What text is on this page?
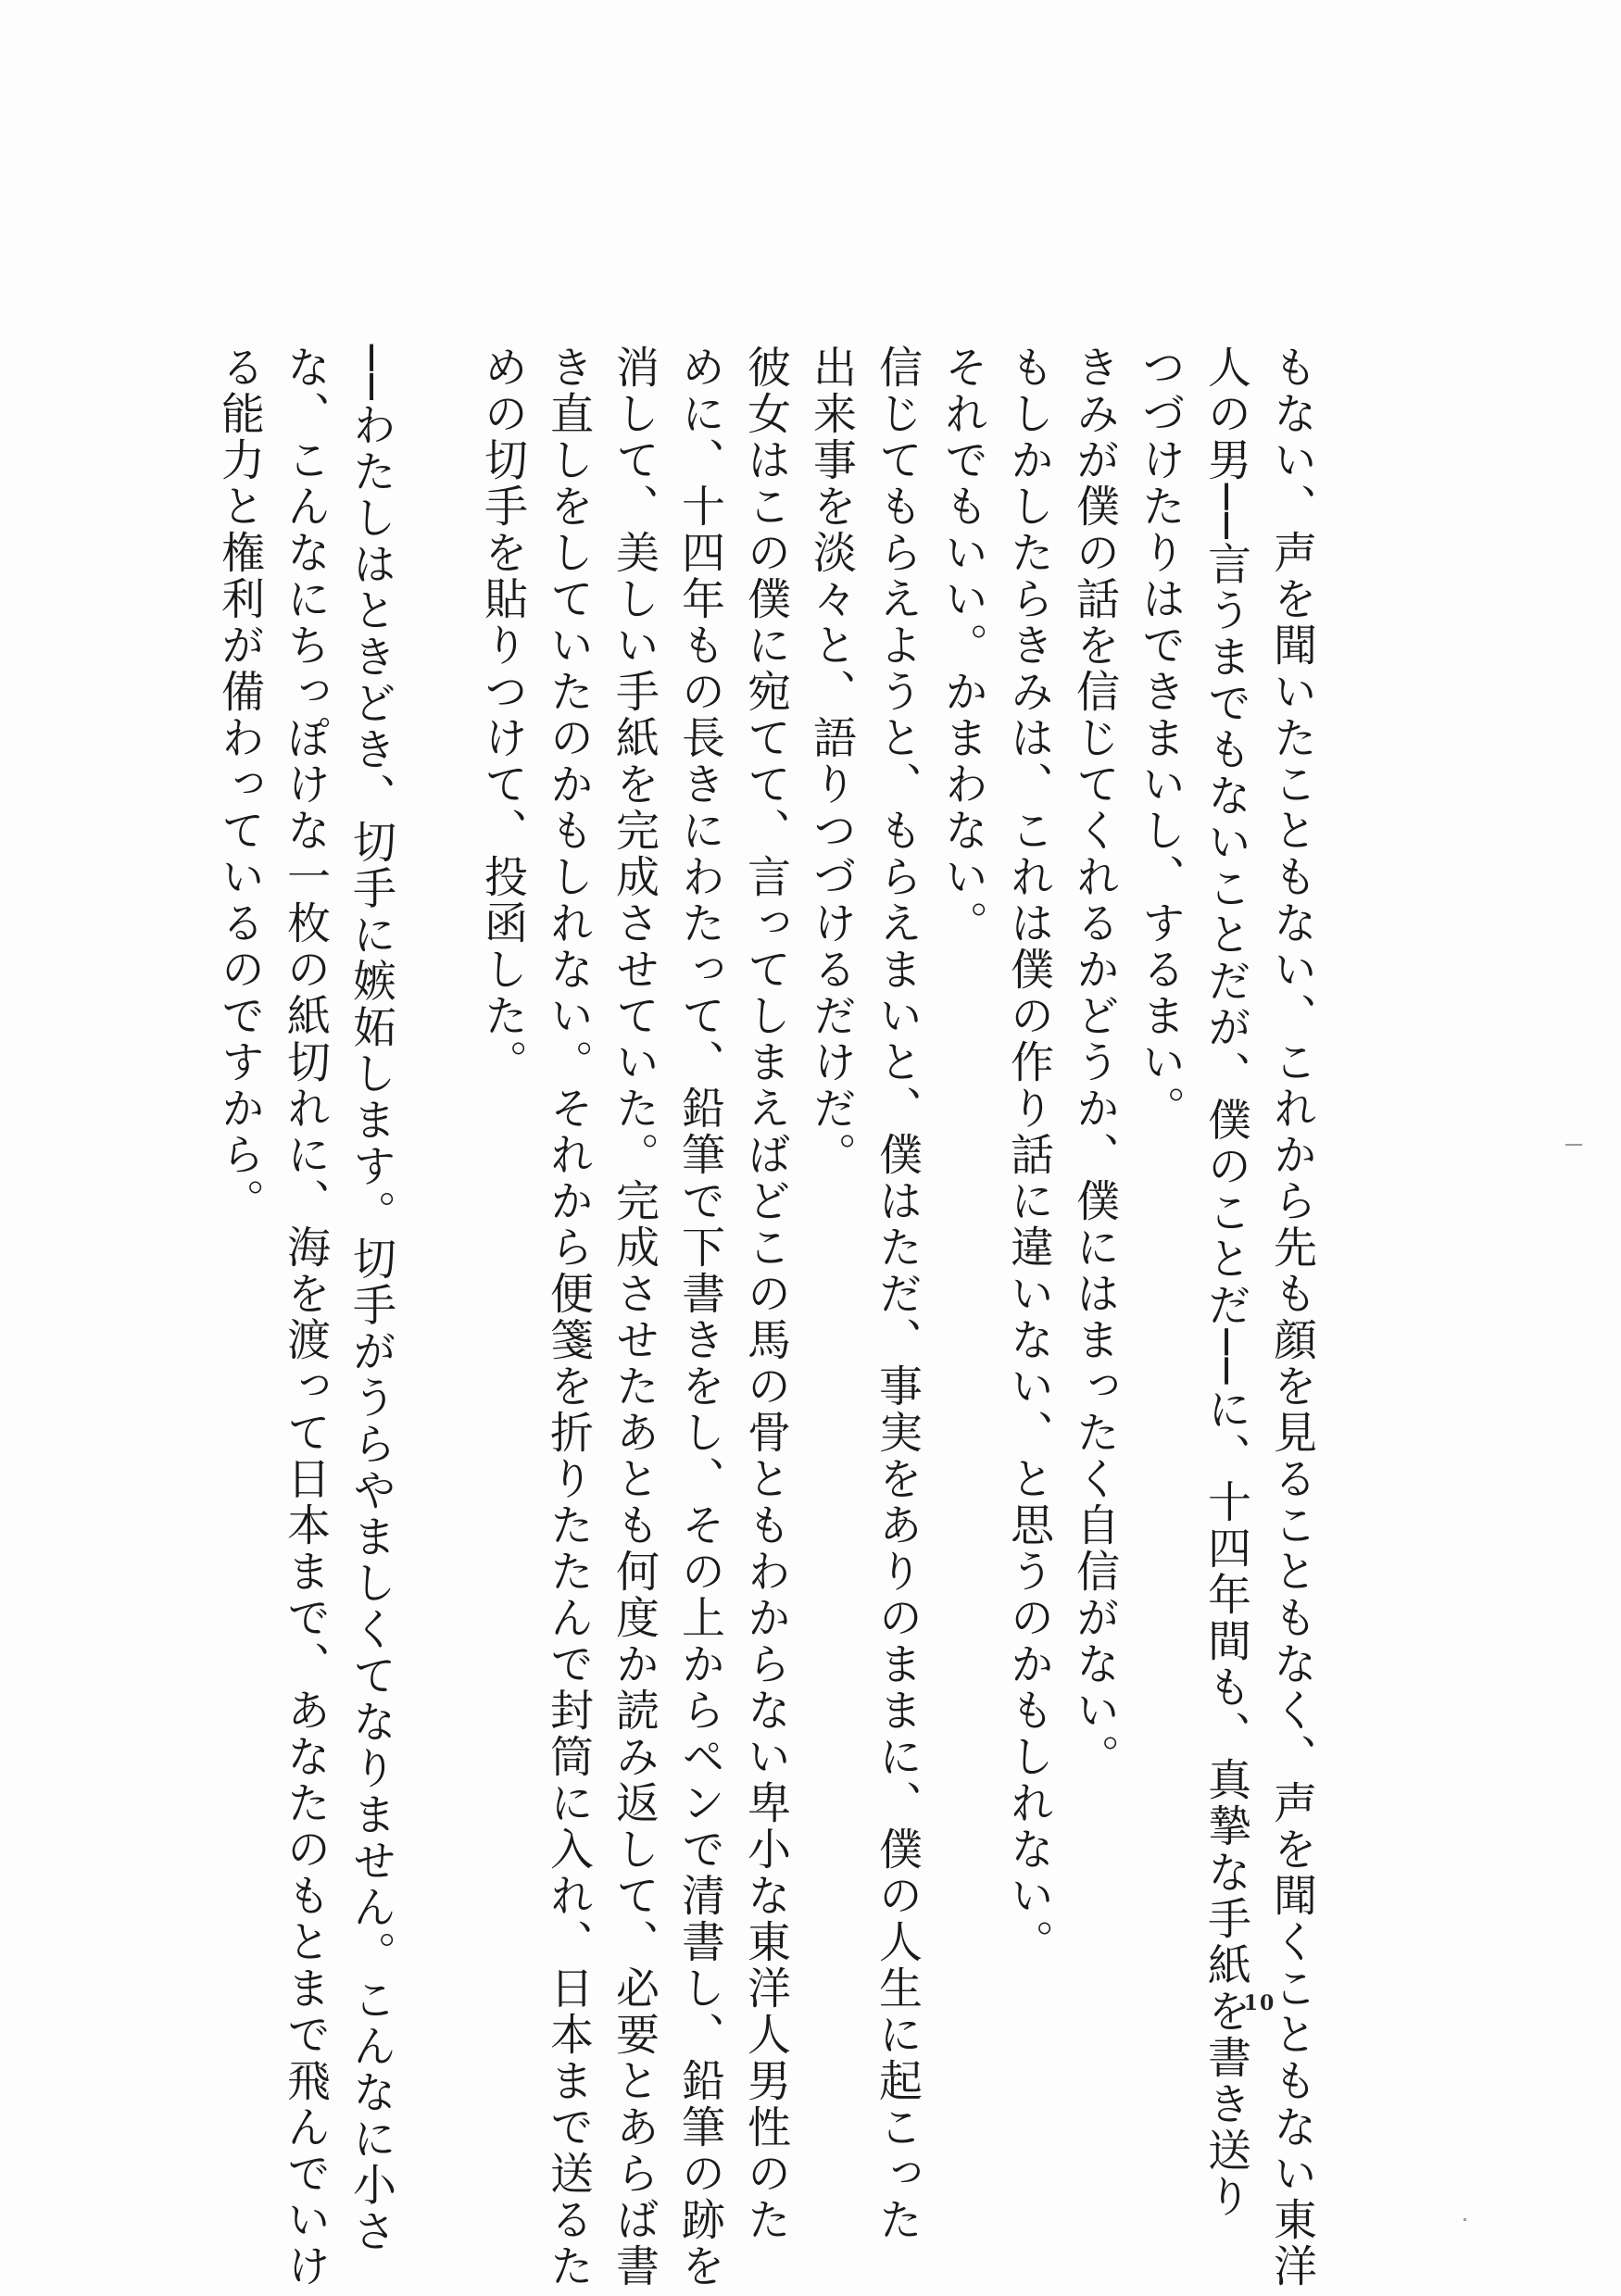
もない、声を聞いたこともない、これから先も顔を見ることもなく、声を聞くこともない東洋
人の男──言うまでもないことだが、僕のことだ──に、十四年間も、真摯な手紙を書き送り
つづけたりはできまいし、するまい。
きみが僕の話を信じてくれるかどうか、僕にはまったく自信がない。
もしかしたらきみは、これは僕の作り話に違いない、と思うのかもしれない。
それでもいい。かまわない。
信じてもらえようと、もらえまいと、僕はただ、事実をありのままに、僕の人生に起こった
出来事を淡々と、語りつづけるだけだ。
彼女はこの僕に宛てて、言ってしまえばどこの馬の骨ともわからない卑小な東洋人男性のた
めに、十四年もの長きにわたって、鉛筆で下書きをし、その上からペンで清書し、鉛筆の跡を
消して、美しい手紙を完成させていた。完成させたあとも何度か読み返して、必要とあらば書
き直しをしていたのかもしれない。それから便箋を折りたたんで封筒に入れ、日本まで送るた
めの切手を貼りつけて、投函した。
──わたしはときどき、切手に嫉妬します。切手がうらやましくてなりません。こんなに小さ
な、こんなにちっぽけな一枚の紙切れに、海を渡って日本まで、あなたのもとまで飛んでいけ
る能力と権利が備わっているのですから。
10
